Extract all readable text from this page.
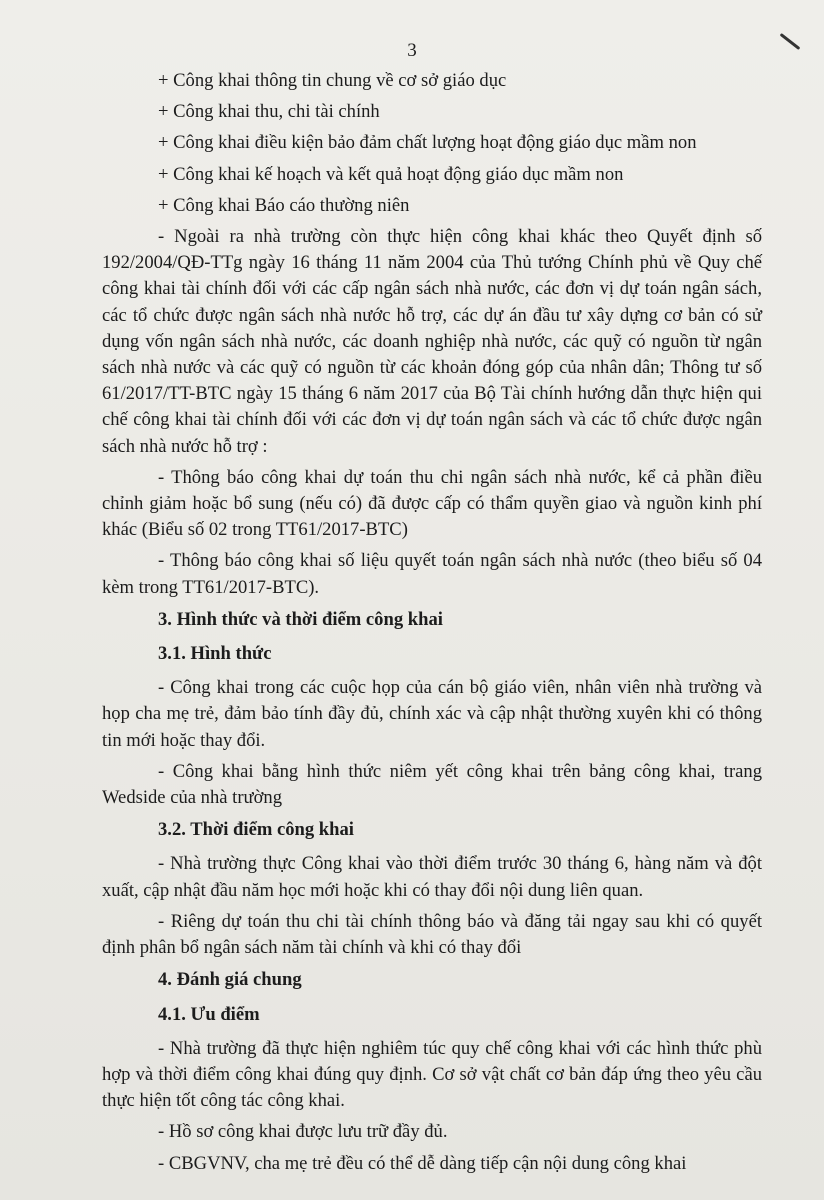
3

+ Công khai thông tin chung về cơ sở giáo dục

+ Công khai thu, chi tài chính

+ Công khai điều kiện bảo đảm chất lượng hoạt động giáo dục mầm non

+ Công khai kế hoạch và kết quả hoạt động giáo dục mầm non

+ Công khai Báo cáo thường niên

- Ngoài ra nhà trường còn thực hiện công khai khác theo Quyết định số 192/2004/QĐ-TTg ngày 16 tháng 11 năm 2004 của Thủ tướng Chính phủ về Quy chế công khai tài chính đối với các cấp ngân sách nhà nước, các đơn vị dự toán ngân sách, các tổ chức được ngân sách nhà nước hỗ trợ, các dự án đầu tư xây dựng cơ bản có sử dụng vốn ngân sách nhà nước, các doanh nghiệp nhà nước, các quỹ có nguồn từ ngân sách nhà nước và các quỹ có nguồn từ các khoản đóng góp của nhân dân; Thông tư số 61/2017/TT-BTC ngày 15 tháng 6 năm 2017 của Bộ Tài chính hướng dẫn thực hiện qui chế công khai tài chính đối với các đơn vị dự toán ngân sách và các tổ chức được ngân sách nhà nước hỗ trợ :

- Thông báo công khai dự toán thu chi ngân sách nhà nước, kể cả phần điều chỉnh giảm hoặc bổ sung (nếu có) đã được cấp có thẩm quyền giao và nguồn kinh phí khác (Biểu số 02 trong TT61/2017-BTC)

- Thông báo công khai số liệu quyết toán ngân sách nhà nước (theo biểu số 04 kèm trong TT61/2017-BTC).

3. Hình thức và thời điểm công khai

3.1. Hình thức

- Công khai trong các cuộc họp của cán bộ giáo viên, nhân viên nhà trường và họp cha mẹ trẻ, đảm bảo tính đầy đủ, chính xác và cập nhật thường xuyên khi có thông tin mới hoặc thay đổi.

- Công khai bằng hình thức niêm yết công khai trên bảng công khai, trang Wedside của nhà trường

3.2. Thời điểm công khai

- Nhà trường thực Công khai vào thời điểm trước 30 tháng 6, hàng năm và đột xuất, cập nhật đầu năm học mới hoặc khi có thay đổi nội dung liên quan.

- Riêng dự toán thu chi tài chính thông báo và đăng tải ngay sau khi có quyết định phân bổ ngân sách năm tài chính và khi có thay đổi

4. Đánh giá chung

4.1. Ưu điểm

- Nhà trường đã thực hiện nghiêm túc quy chế công khai với các hình thức phù hợp và thời điểm công khai đúng quy định. Cơ sở vật chất cơ bản đáp ứng theo yêu cầu thực hiện tốt công tác công khai.

- Hồ sơ công khai được lưu trữ đầy đủ.

- CBGVNV, cha mẹ trẻ đều có thể dễ dàng tiếp cận nội dung công khai
